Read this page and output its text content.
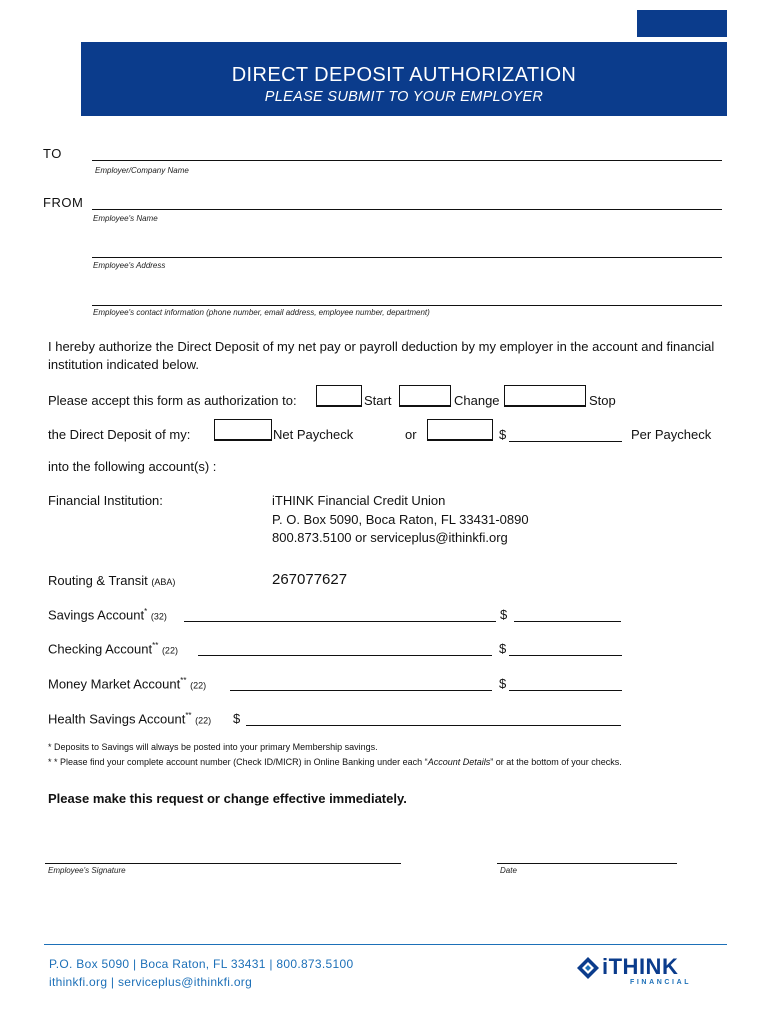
DIRECT DEPOSIT AUTHORIZATION
PLEASE SUBMIT TO YOUR EMPLOYER
TO
Employer/Company Name
FROM
Employee's Name
Employee's Address
Employee's contact information (phone number, email address, employee number, department)
I hereby authorize the Direct Deposit of my net pay or payroll deduction by my employer in the account and financial institution indicated below.
Please accept this form as authorization to:	Start	Change	Stop
the Direct Deposit of my:	Net Paycheck	or	$	Per Paycheck
into the following account(s) :
Financial Institution:	iTHINK Financial Credit Union
P. O. Box 5090, Boca Raton, FL 33431-0890
800.873.5100 or serviceplus@ithinkfi.org
Routing & Transit (ABA)	267077627
Savings Account* (32)	$
Checking Account** (22)	$
Money Market Account** (22)	$
Health Savings Account** (22) $
* Deposits to Savings will always be posted into your primary Membership savings.
* * Please find your complete account number (Check ID/MICR) in Online Banking under each “Account Details” or at the bottom of your checks.
Please make this request or change effective immediately.
Employee's Signature	Date
P.O. Box 5090 | Boca Raton, FL 33431 | 800.873.5100
ithinkfi.org | serviceplus@ithinkfi.org
iTHINK
FINANCIAL
